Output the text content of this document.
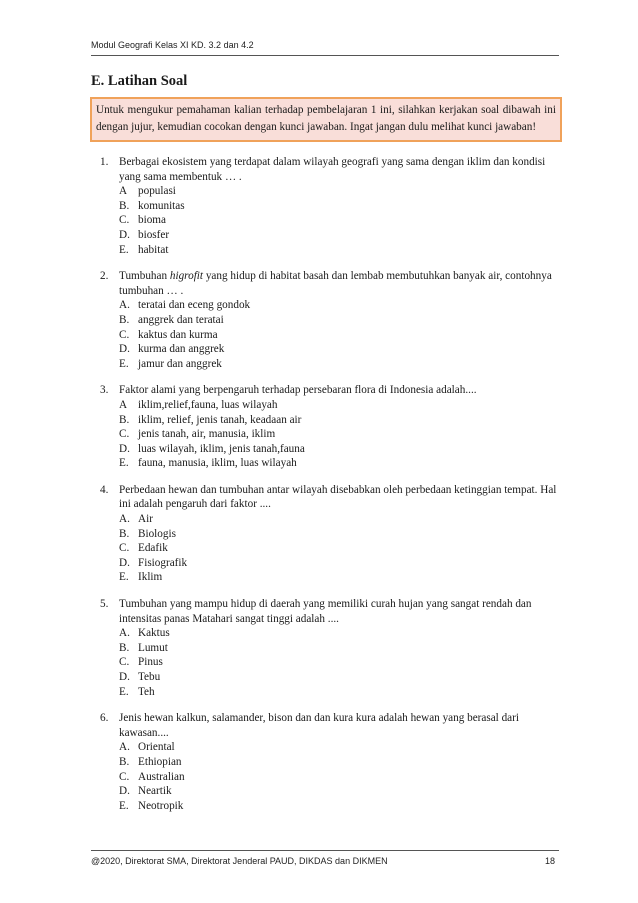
Modul Geografi Kelas XI KD. 3.2 dan 4.2
E. Latihan Soal
Untuk mengukur pemahaman kalian terhadap pembelajaran 1 ini, silahkan kerjakan soal dibawah ini dengan jujur, kemudian cocokan dengan kunci jawaban. Ingat jangan dulu melihat kunci jawaban!
1. Berbagai ekosistem yang terdapat dalam wilayah geografi yang sama dengan iklim dan kondisi yang sama membentuk … .
A populasi
B. komunitas
C. bioma
D. biosfer
E. habitat
2. Tumbuhan higrofit yang hidup di habitat basah dan lembab membutuhkan banyak air, contohnya tumbuhan … .
A. teratai dan eceng gondok
B. anggrek dan teratai
C. kaktus dan kurma
D. kurma dan anggrek
E. jamur dan anggrek
3. Faktor alami yang berpengaruh terhadap persebaran flora di Indonesia adalah....
A iklim,relief,fauna, luas wilayah
B. iklim, relief, jenis tanah, keadaan air
C. jenis tanah, air, manusia, iklim
D. luas wilayah, iklim, jenis tanah,fauna
E. fauna, manusia, iklim, luas wilayah
4. Perbedaan hewan dan tumbuhan antar wilayah disebabkan oleh perbedaan ketinggian tempat. Hal ini adalah pengaruh dari faktor ....
A. Air
B. Biologis
C. Edafik
D. Fisiografik
E. Iklim
5. Tumbuhan yang mampu hidup di daerah yang memiliki curah hujan yang sangat rendah dan intensitas panas Matahari sangat tinggi adalah ....
A. Kaktus
B. Lumut
C. Pinus
D. Tebu
E. Teh
6. Jenis hewan kalkun, salamander, bison dan dan kura kura adalah hewan yang berasal dari kawasan....
A. Oriental
B. Ethiopian
C. Australian
D. Neartik
E. Neotropik
@2020, Direktorat SMA, Direktorat Jenderal PAUD, DIKDAS dan DIKMEN	18
